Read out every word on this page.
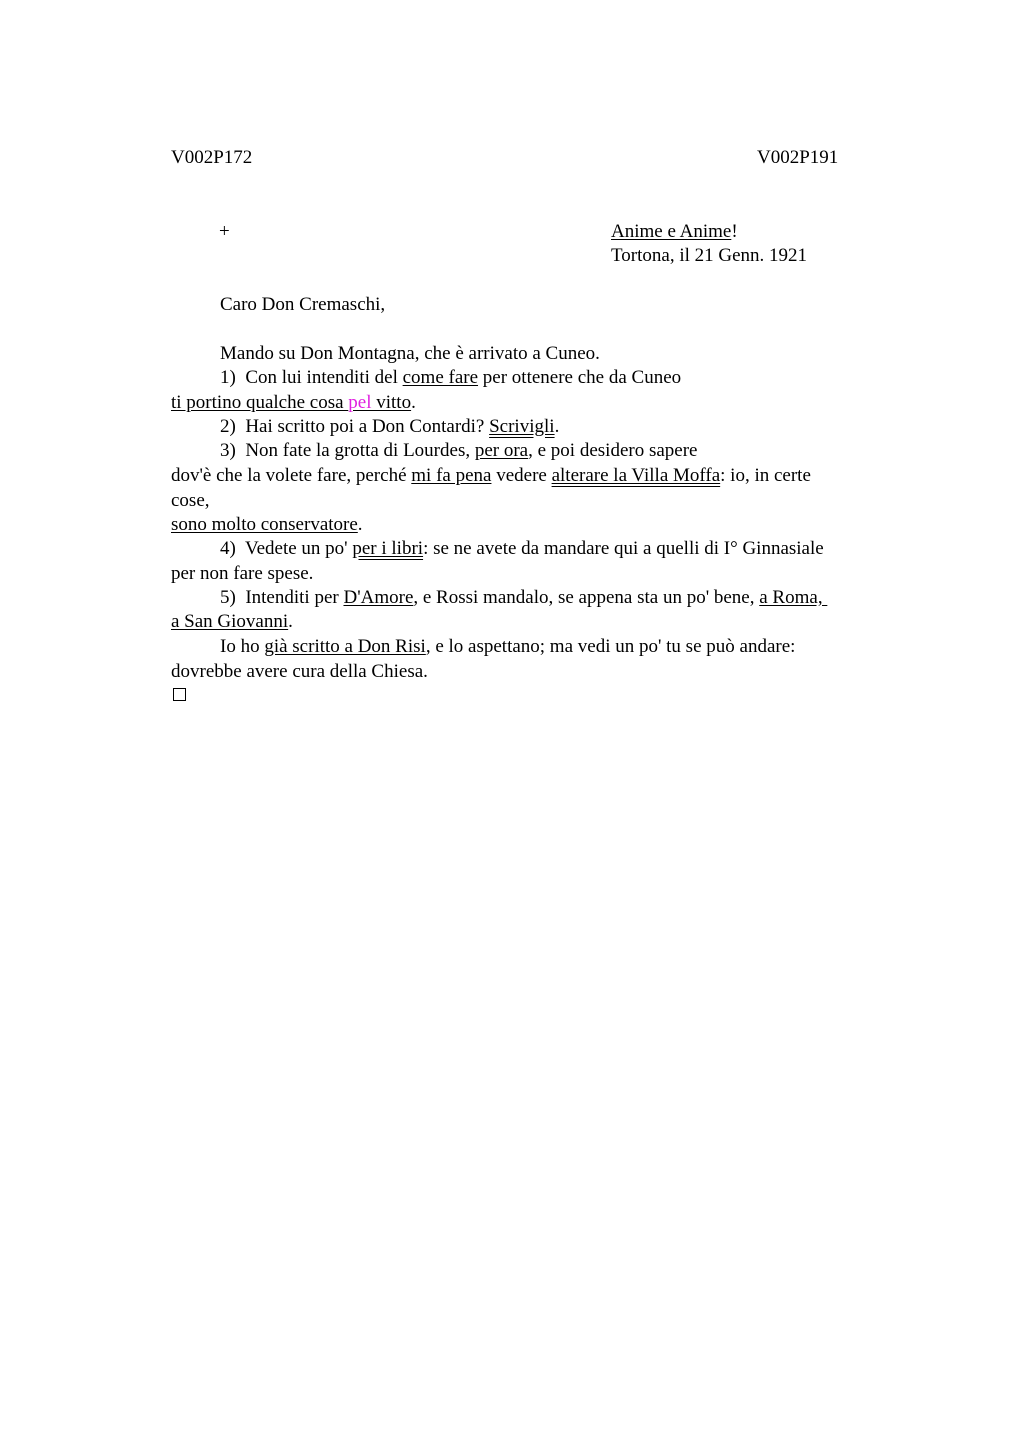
V002P172	V002P191
+	Anime e Anime!
Tortona, il 21 Genn. 1921
Caro Don Cremaschi,
Mando su Don Montagna, che è arrivato a Cuneo.
1)  Con lui intenditi del come fare per ottenere che da Cuneo
ti portino qualche cosa pel vitto.
2)  Hai scritto poi a Don Contardi? Scrivigli.
3)  Non fate la grotta di Lourdes, per ora, e poi desidero sapere
dov'è che la volete fare, perché mi fa pena vedere alterare la Villa Moffa: io, in certe
cose,
sono molto conservatore.
4)  Vedete un po' per i libri: se ne avete da mandare qui a quelli di I° Ginnasiale
per non fare spese.
5)  Intenditi per D'Amore, e Rossi mandalo, se appena sta un po' bene, a Roma,
a San Giovanni.
Io ho già scritto a Don Risi, e lo aspettano; ma vedi un po' tu se può andare:
dovrebbe avere cura della Chiesa.
